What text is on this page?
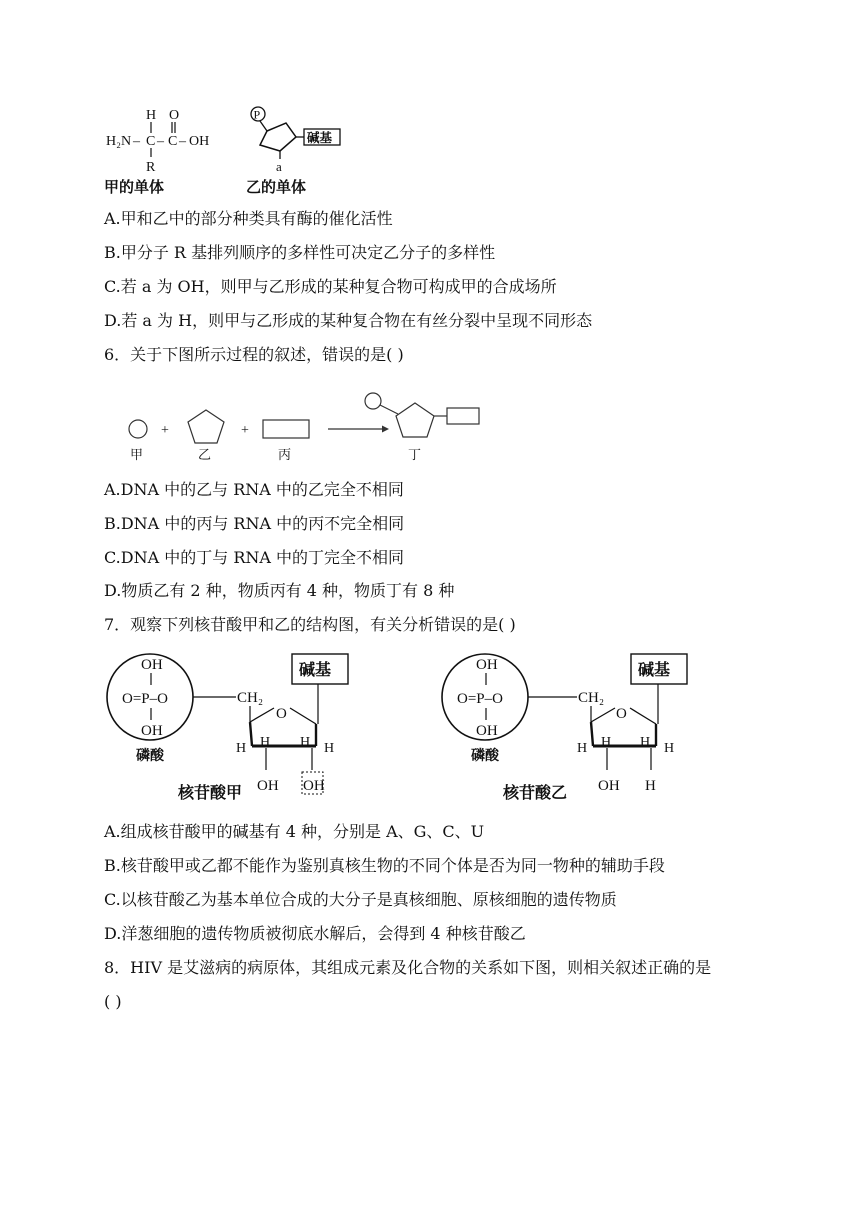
H O
H₂N – C – C – OH
R
P
碱基
a
甲的单体	乙的单体
A.甲和乙中的部分种类具有酶的催化活性
B.甲分子 R 基排列顺序的多样性可决定乙分子的多样性
C.若 a 为 OH，则甲与乙形成的某种复合物可构成甲的合成场所
D.若 a 为 H，则甲与乙形成的某种复合物在有丝分裂中呈现不同形态
6．关于下图所示过程的叙述，错误的是( )
+	+
甲	乙	丙	丁
A.DNA 中的乙与 RNA 中的乙完全不相同
B.DNA 中的丙与 RNA 中的丙不完全相同
C.DNA 中的丁与 RNA 中的丁完全不相同
D.物质乙有 2 种，物质丙有 4 种，物质丁有 8 种
7．观察下列核苷酸甲和乙的结构图，有关分析错误的是( )
OH
O=P–O
OH
CH₂
O
碱基
H H
H	H
OH OH
磷酸
核苷酸甲
OH
O=P–O
OH
CH₂
O
碱基
H H
H	H
OH H
磷酸
核苷酸乙
A.组成核苷酸甲的碱基有 4 种，分别是 A、G、C、U
B.核苷酸甲或乙都不能作为鉴别真核生物的不同个体是否为同一物种的辅助手段
C.以核苷酸乙为基本单位合成的大分子是真核细胞、原核细胞的遗传物质
D.洋葱细胞的遗传物质被彻底水解后，会得到 4 种核苷酸乙
8．HIV 是艾滋病的病原体，其组成元素及化合物的关系如下图，则相关叙述正确的是
( )
